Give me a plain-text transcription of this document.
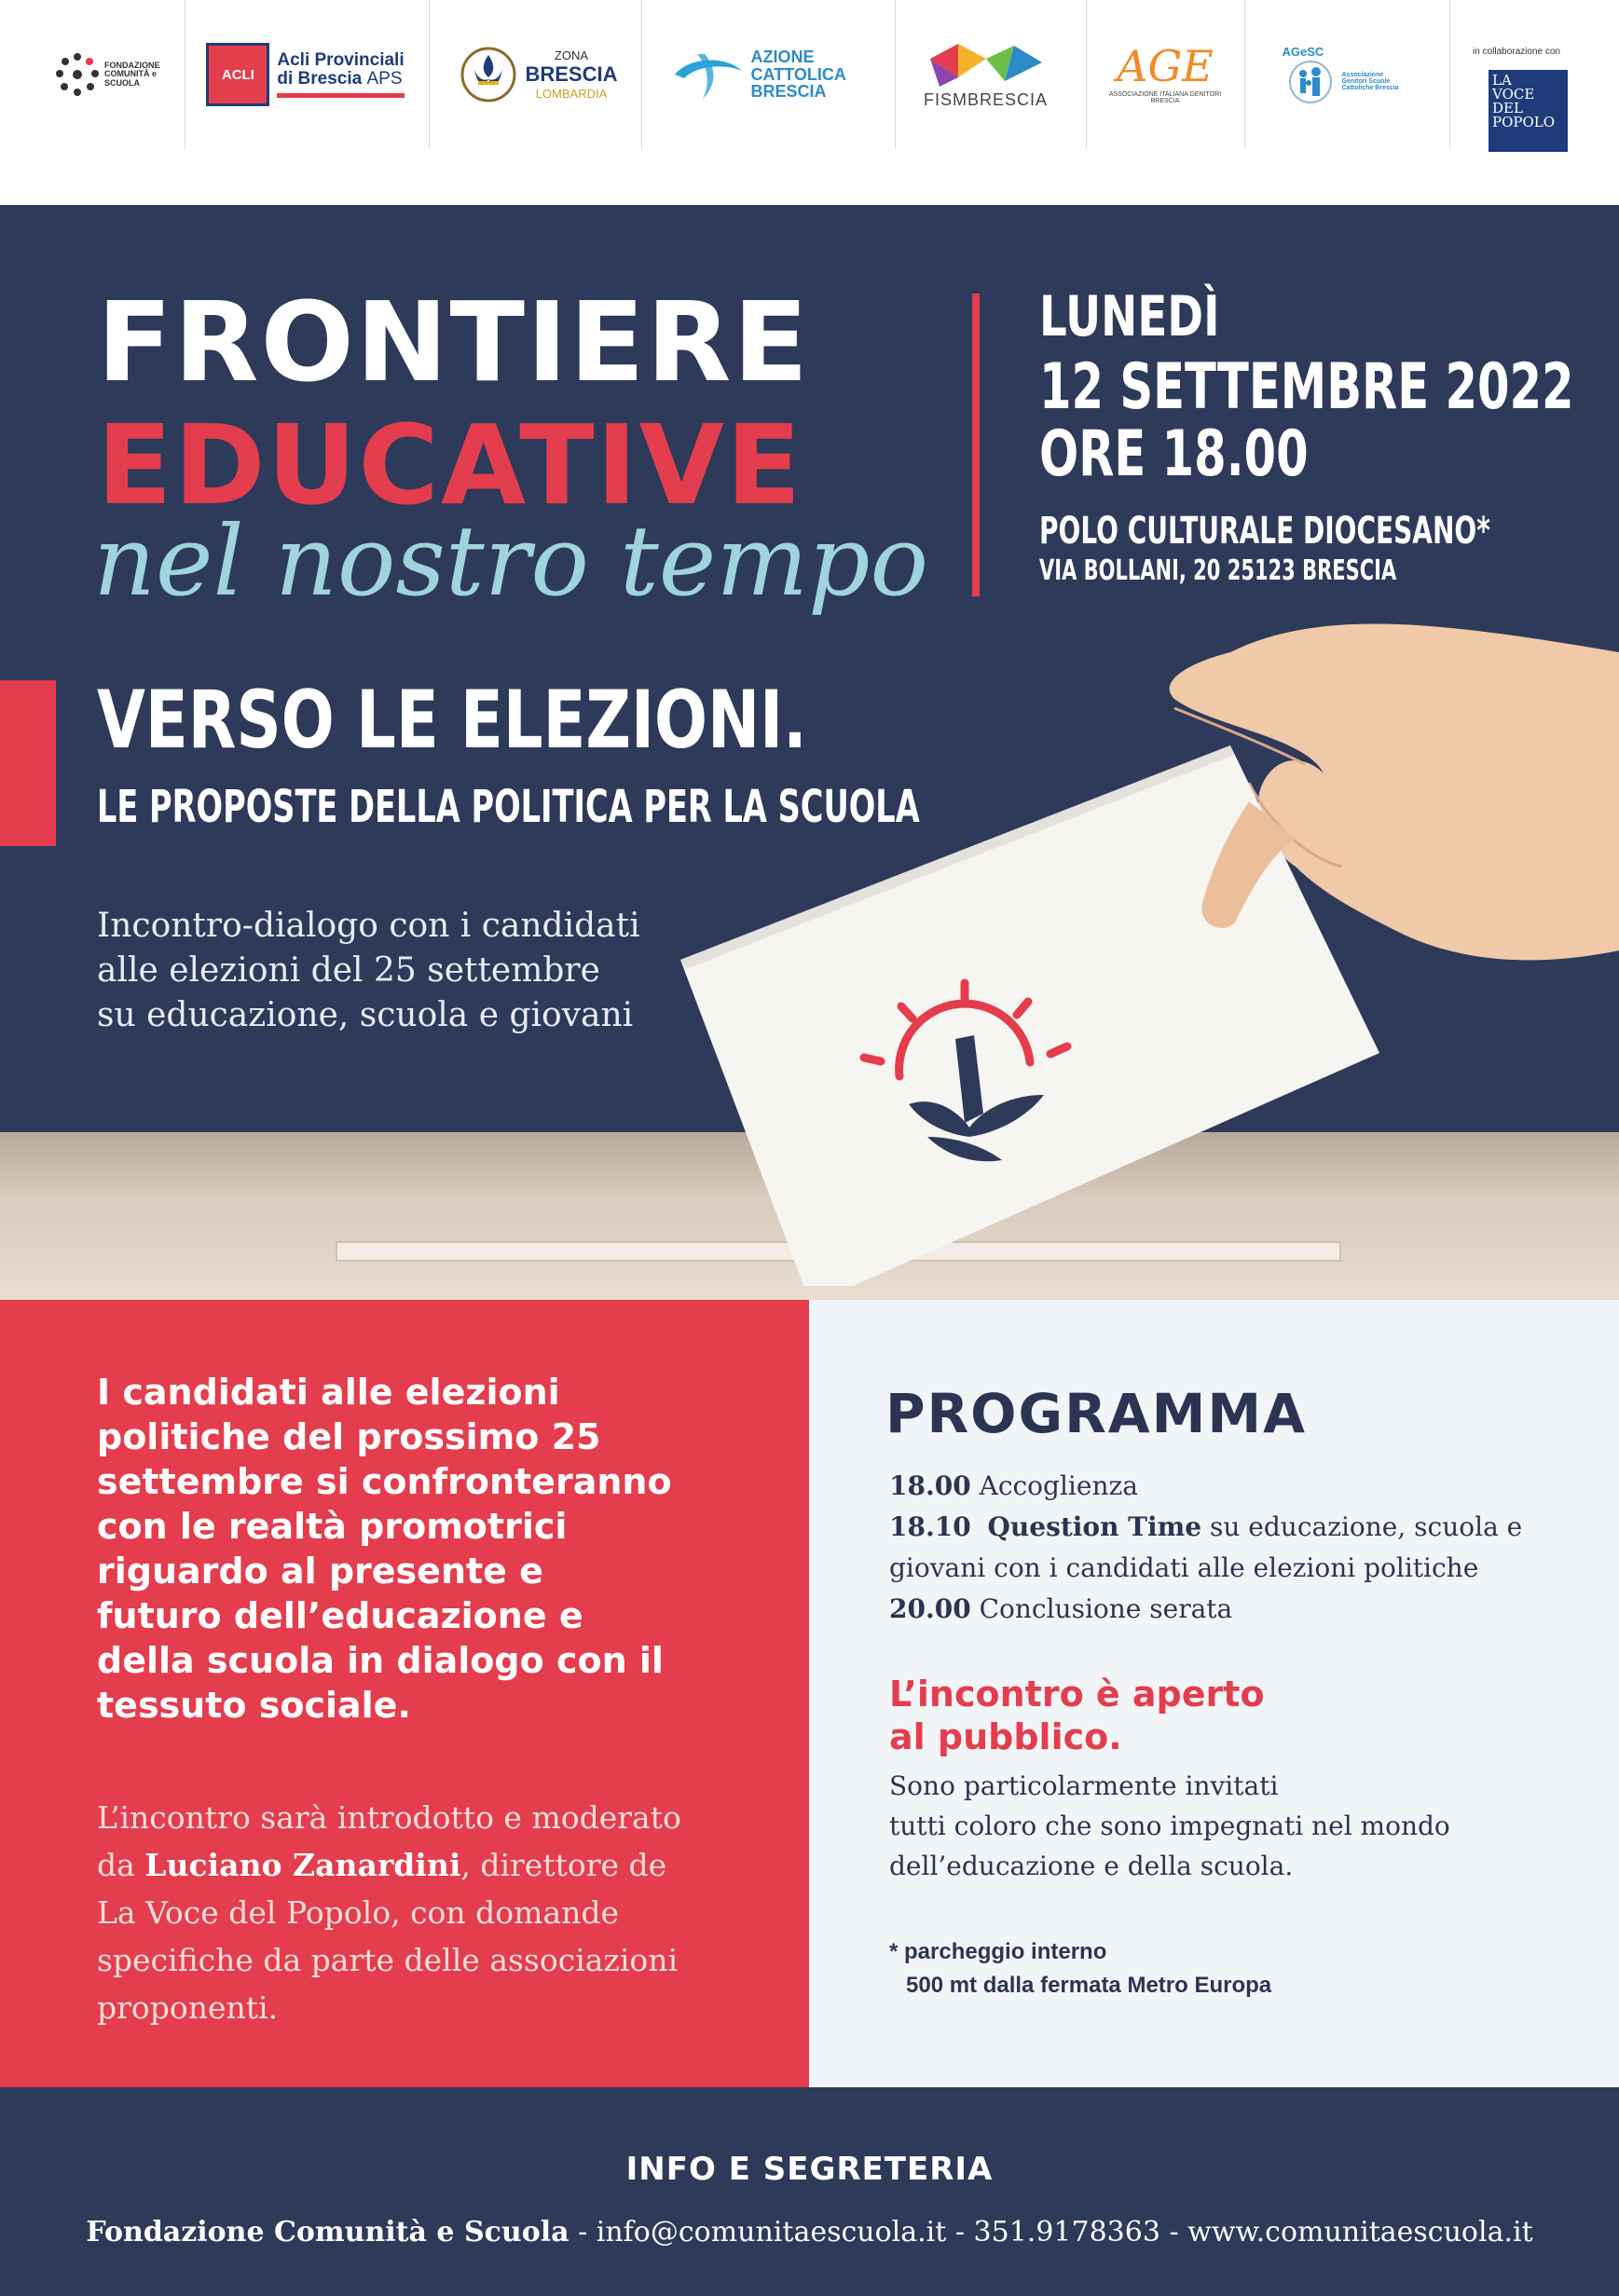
FONDAZIONE COMUNITÀ e SCUOLA
ACLI
Acli Provinciali
di Brescia APS
ZONA
BRESCIA
LOMBARDIA
AZIONE CATTOLICA BRESCIA	FISMBRESCIA
AGE
ASSOCIAZIONE ITALIANA GENITORI BRESCIA
AGeSC
Associazione Genitori Scuole Cattoliche Brescia
in collaborazione con
LA
VOCE
DEL
POPOLO
FRONTIERE
EDUCATIVE
nel nostro tempo
LUNEDÌ
12 SETTEMBRE 2022
ORE 18.00
POLO CULTURALE DIOCESANO*
VIA BOLLANI, 20 25123 BRESCIA
VERSO LE ELEZIONI.
LE PROPOSTE DELLA POLITICA PER LA SCUOLA
Incontro-dialogo con i candidati
alle elezioni del 25 settembre
su educazione, scuola e giovani
I candidati alle elezioni
politiche del prossimo 25
settembre si confronteranno
con le realtà promotrici
riguardo al presente e
futuro dell’educazione e
della scuola in dialogo con il
tessuto sociale.
L’incontro sarà introdotto e moderato
da Luciano Zanardini, direttore de
La Voce del Popolo, con domande
specifiche da parte delle associazioni
proponenti.
PROGRAMMA
18.00 Accoglienza
18.10 Question Time su educazione, scuola e
giovani con i candidati alle elezioni politiche
20.00 Conclusione serata
L’incontro è aperto
al pubblico.
Sono particolarmente invitati
tutti coloro che sono impegnati nel mondo
dell’educazione e della scuola.
* parcheggio interno
500 mt dalla fermata Metro Europa
INFO E SEGRETERIA
Fondazione Comunità e Scuola - info@comunitaescuola.it - 351.9178363 - www.comunitaescuola.it
